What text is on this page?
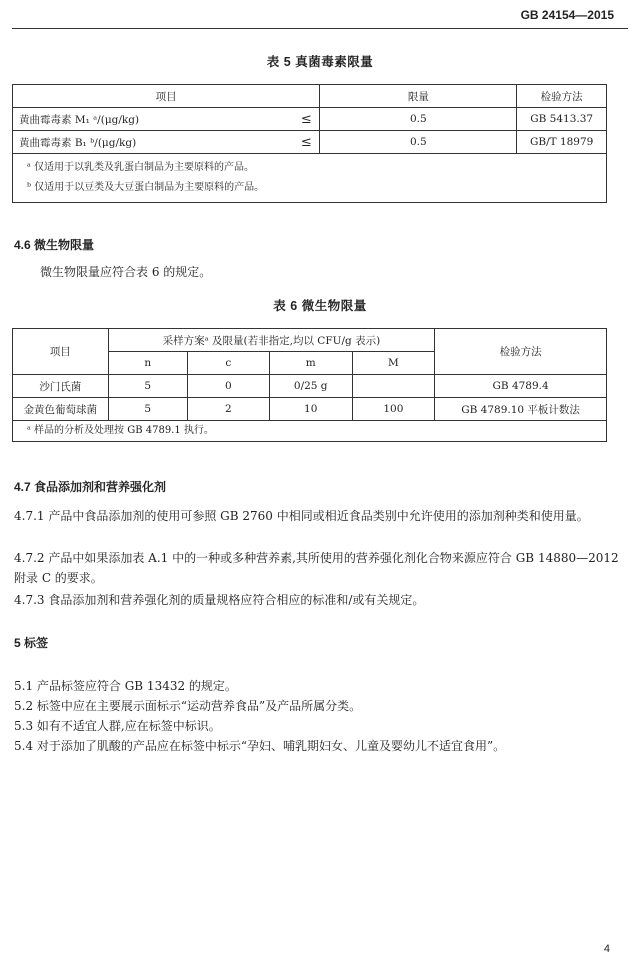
GB 24154—2015
表 5 真菌毒素限量
项目		限量	检验方法
黄曲霉毒素 M₁ ᵃ/(μg/kg)	≤	0.5	GB 5413.37
黄曲霉毒素 B₁ ᵇ/(μg/kg)	≤	0.5	GB/T 18979

ᵃ 仅适用于以乳类及乳蛋白制品为主要原料的产品。
ᵇ 仅适用于以豆类及大豆蛋白制品为主要原料的产品。			
4.6 微生物限量
微生物限量应符合表 6 的规定。
表 6 微生物限量
项目	采样方案ᵃ 及限量(若非指定,均以 CFU/g 表示)				检验方法
	n	c	m	M	
沙门氏菌	5	0	0/25 g		GB 4789.4
金黄色葡萄球菌	5	2	10	100	GB 4789.10 平板计数法
ᵃ 样品的分析及处理按 GB 4789.1 执行。					
4.7 食品添加剂和营养强化剂
4.7.1 产品中食品添加剂的使用可参照 GB 2760 中相同或相近食品类别中允许使用的添加剂种类和使用量。
4.7.2 产品中如果添加表 A.1 中的一种或多种营养素,其所使用的营养强化剂化合物来源应符合 GB 14880—2012附录 C 的要求。
4.7.3 食品添加剂和营养强化剂的质量规格应符合相应的标准和/或有关规定。
5 标签
5.1 产品标签应符合 GB 13432 的规定。
5.2 标签中应在主要展示面标示“运动营养食品”及产品所属分类。
5.3 如有不适宜人群,应在标签中标识。
5.4 对于添加了肌酸的产品应在标签中标示“孕妇、哺乳期妇女、儿童及婴幼儿不适宜食用”。
4
